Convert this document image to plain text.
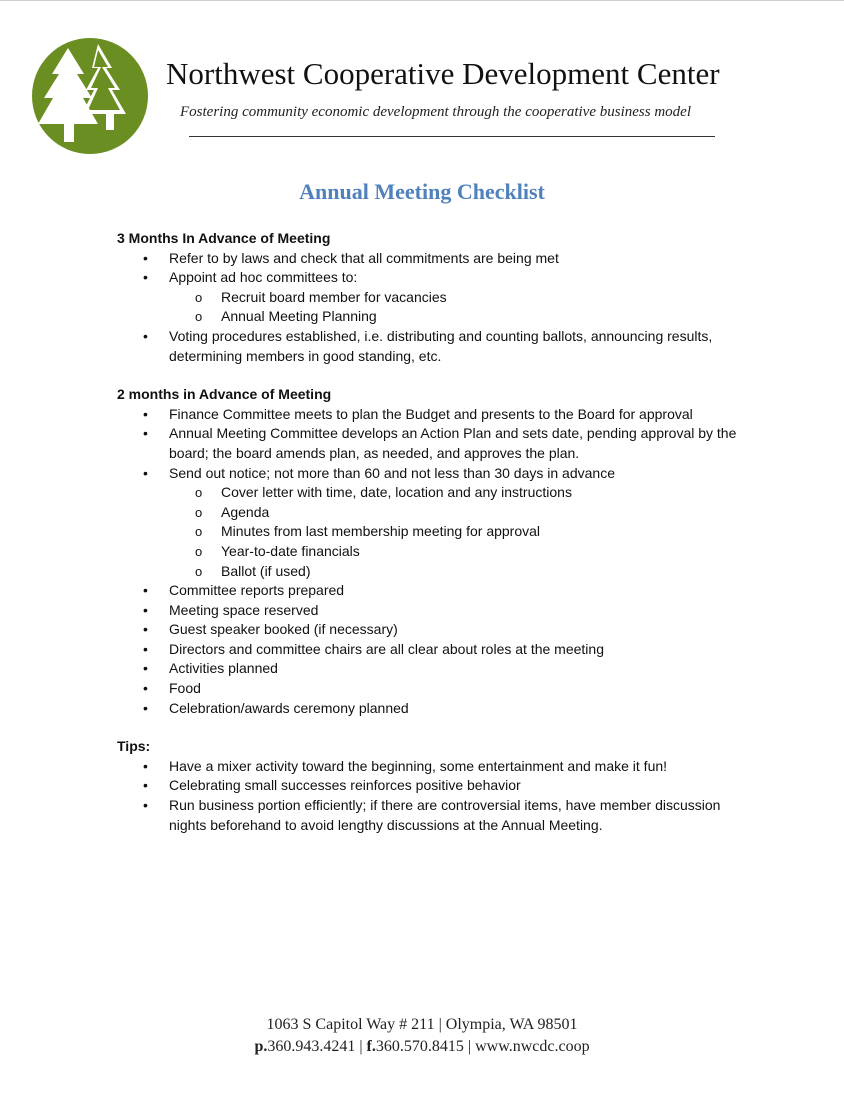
Northwest Cooperative Development Center
Fostering community economic development through the cooperative business model
Annual Meeting Checklist

3 Months In Advance of Meeting

• Refer to by laws and check that all commitments are being met
• Appoint ad hoc committees to:
o Recruit board member for vacancies
o Annual Meeting Planning
• Voting procedures established, i.e. distributing and counting ballots, announcing results, determining members in good standing, etc.

2 months in Advance of Meeting

• Finance Committee meets to plan the Budget and presents to the Board for approval
• Annual Meeting Committee develops an Action Plan and sets date, pending approval by the board; the board amends plan, as needed, and approves the plan.
• Send out notice; not more than 60 and not less than 30 days in advance
o Cover letter with time, date, location and any instructions
o Agenda
o Minutes from last membership meeting for approval
o Year-to-date financials
o Ballot (if used)
• Committee reports prepared
• Meeting space reserved
• Guest speaker booked (if necessary)
• Directors and committee chairs are all clear about roles at the meeting
• Activities planned
• Food
• Celebration/awards ceremony planned

Tips:

• Have a mixer activity toward the beginning, some entertainment and make it fun!
• Celebrating small successes reinforces positive behavior
• Run business portion efficiently; if there are controversial items, have member discussion nights beforehand to avoid lengthy discussions at the Annual Meeting.
1063 S Capitol Way # 211 | Olympia, WA 98501
p.360.943.4241 | f.360.570.8415 | www.nwcdc.coop
